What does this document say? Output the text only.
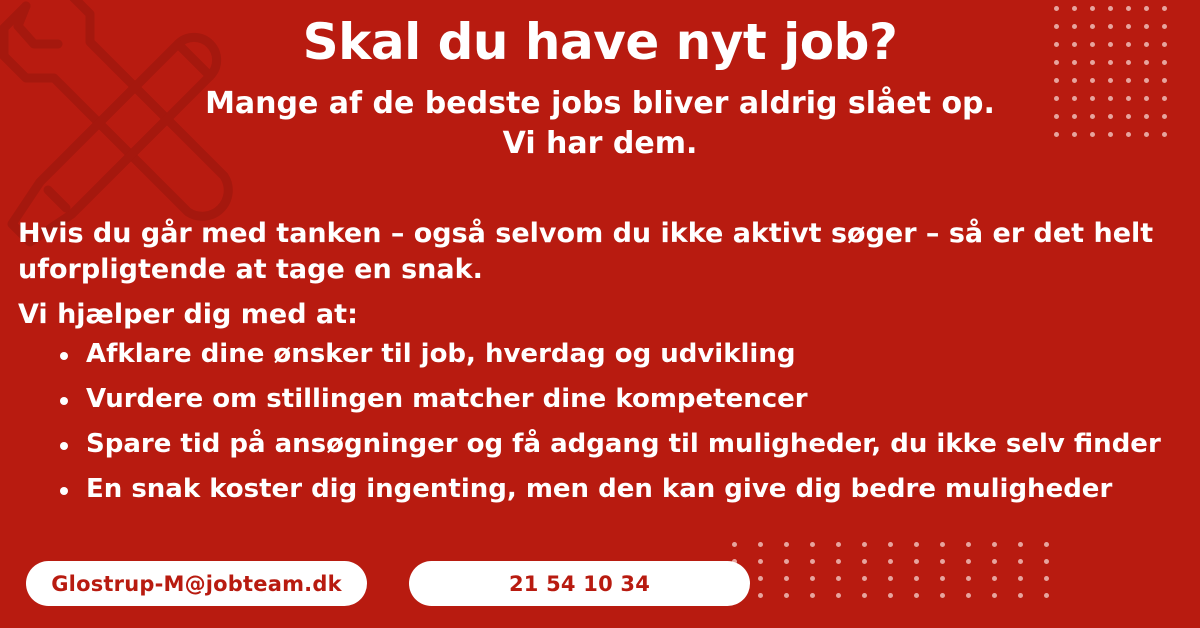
Skal du have nyt job?

Mange af de bedste jobs bliver aldrig slået op.
Vi har dem.

Hvis du går med tanken – også selvom du ikke aktivt søger – så er det helt uforpligtende at tage en snak.

Vi hjælper dig med at:

Afklare dine ønsker til job, hverdag og udvikling
Vurdere om stillingen matcher dine kompetencer
Spare tid på ansøgninger og få adgang til muligheder, du ikke selv finder
En snak koster dig ingenting, men den kan give dig bedre muligheder
Glostrup-M@jobteam.dk	21 54 10 34
